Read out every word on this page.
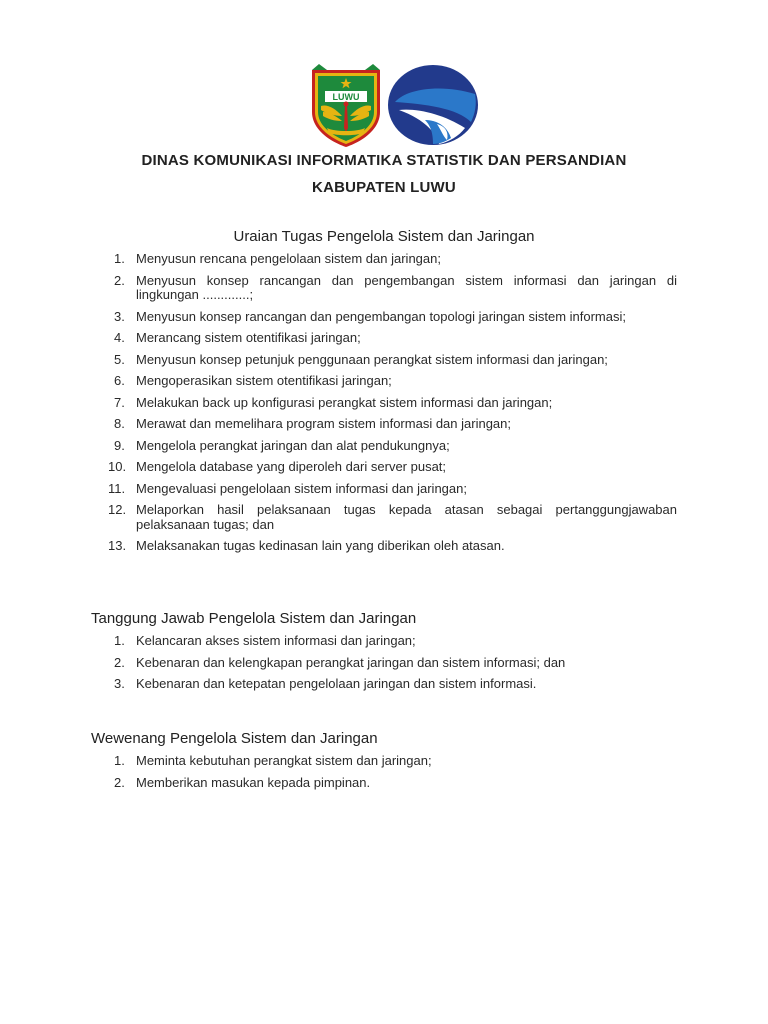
LUWU
DINAS KOMUNIKASI INFORMATIKA STATISTIK DAN PERSANDIAN
KABUPATEN LUWU
Uraian Tugas Pengelola Sistem dan Jaringan
1. Menyusun rencana pengelolaan sistem dan jaringan;
2. Menyusun konsep rancangan dan pengembangan sistem informasi dan jaringan di lingkungan .............;
3. Menyusun konsep rancangan dan pengembangan topologi jaringan sistem informasi;
4. Merancang sistem otentifikasi jaringan;
5. Menyusun konsep petunjuk penggunaan perangkat sistem informasi dan jaringan;
6. Mengoperasikan sistem otentifikasi jaringan;
7. Melakukan back up konfigurasi perangkat sistem informasi dan jaringan;
8. Merawat dan memelihara program sistem informasi dan jaringan;
9. Mengelola perangkat jaringan dan alat pendukungnya;
10. Mengelola database yang diperoleh dari server pusat;
11. Mengevaluasi pengelolaan sistem informasi dan jaringan;
12. Melaporkan hasil pelaksanaan tugas kepada atasan sebagai pertanggungjawaban pelaksanaan tugas; dan
13. Melaksanakan tugas kedinasan lain yang diberikan oleh atasan.
Tanggung Jawab Pengelola Sistem dan Jaringan
1. Kelancaran akses sistem informasi dan jaringan;
2. Kebenaran dan kelengkapan perangkat jaringan dan sistem informasi; dan
3. Kebenaran dan ketepatan pengelolaan jaringan dan sistem informasi.
Wewenang Pengelola Sistem dan Jaringan
1. Meminta kebutuhan perangkat sistem dan jaringan;
2. Memberikan masukan kepada pimpinan.
